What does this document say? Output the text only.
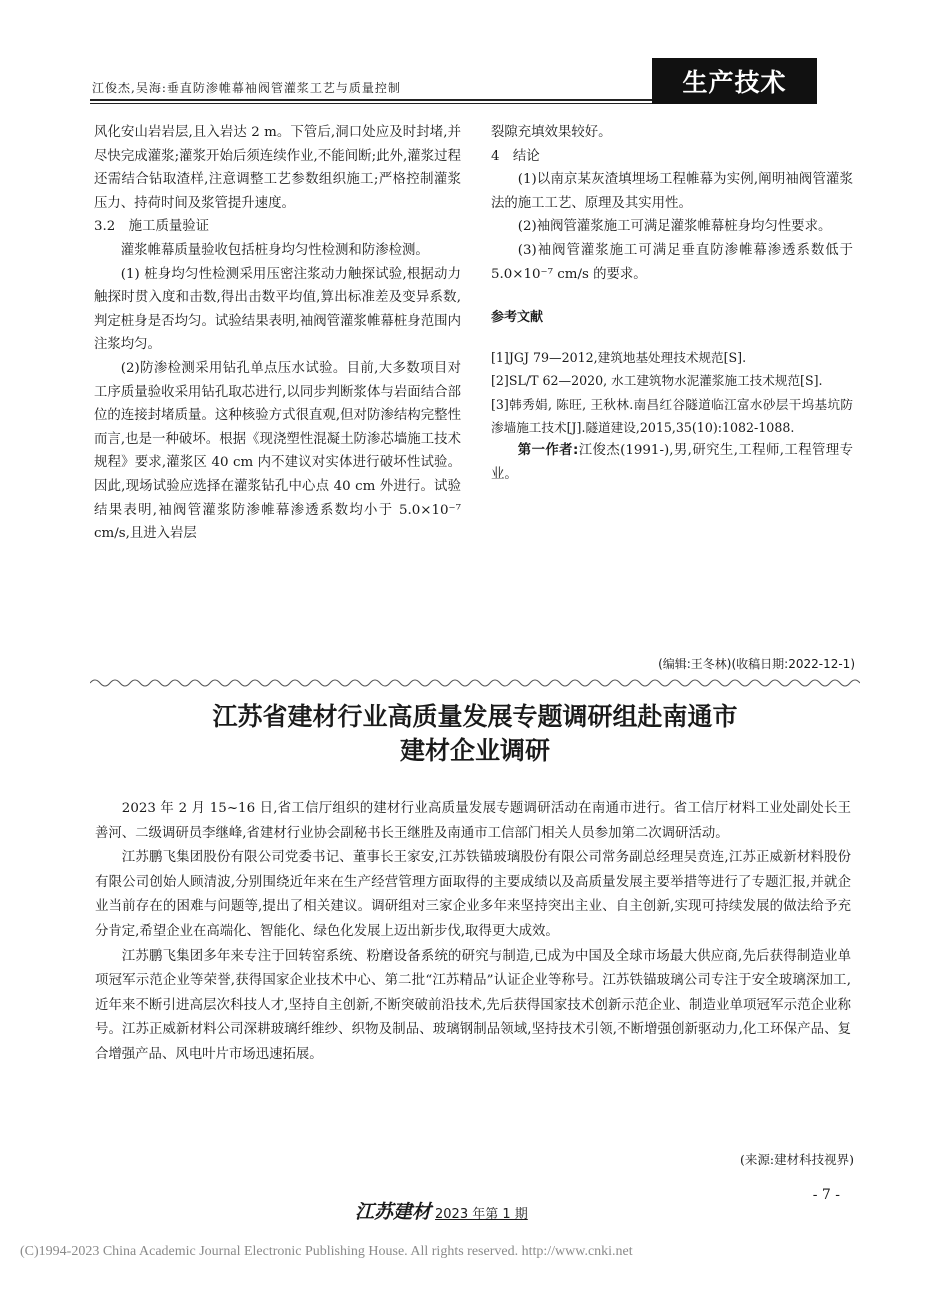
江俊杰,吴海:垂直防渗帷幕袖阀管灌浆工艺与质量控制	生产技术

风化安山岩岩层,且入岩达 2 m。下管后,洞口处应及时封堵,并尽快完成灌浆;灌浆开始后须连续作业,不能间断;此外,灌浆过程还需结合钻取渣样,注意调整工艺参数组织施工;严格控制灌浆压力、持荷时间及浆管提升速度。

3.2　施工质量验证

灌浆帷幕质量验收包括桩身均匀性检测和防渗检测。

(1) 桩身均匀性检测采用压密注浆动力触探试验,根据动力触探时贯入度和击数,得出击数平均值,算出标准差及变异系数,判定桩身是否均匀。试验结果表明,袖阀管灌浆帷幕桩身范围内注浆均匀。

(2)防渗检测采用钻孔单点压水试验。目前,大多数项目对工序质量验收采用钻孔取芯进行,以同步判断浆体与岩面结合部位的连接封堵质量。这种核验方式很直观,但对防渗结构完整性而言,也是一种破坏。根据《现浇塑性混凝土防渗芯墙施工技术规程》要求,灌浆区 40 cm 内不建议对实体进行破坏性试验。因此,现场试验应选择在灌浆钻孔中心点 40 cm 外进行。试验结果表明,袖阀管灌浆防渗帷幕渗透系数均小于 5.0×10⁻⁷ cm/s,且进入岩层

裂隙充填效果较好。

4　结论

(1)以南京某灰渣填埋场工程帷幕为实例,阐明袖阀管灌浆法的施工工艺、原理及其实用性。

(2)袖阀管灌浆施工可满足灌浆帷幕桩身均匀性要求。

(3)袖阀管灌浆施工可满足垂直防渗帷幕渗透系数低于 5.0×10⁻⁷ cm/s 的要求。

参考文献

[1]JGJ 79—2012,建筑地基处理技术规范[S].

[2]SL/T 62—2020, 水工建筑物水泥灌浆施工技术规范[S].

[3]韩秀娟, 陈旺, 王秋林.南昌红谷隧道临江富水砂层干坞基坑防渗墙施工技术[J].隧道建设,2015,35(10):1082-1088.

第一作者:江俊杰(1991-),男,研究生,工程师,工程管理专业。

(编辑:王冬林)(收稿日期:2022-12-1)
江苏省建材行业高质量发展专题调研组赴南通市
建材企业调研

2023 年 2 月 15~16 日,省工信厅组织的建材行业高质量发展专题调研活动在南通市进行。省工信厅材料工业处副处长王善河、二级调研员李继峰,省建材行业协会副秘书长王继胜及南通市工信部门相关人员参加第二次调研活动。

江苏鹏飞集团股份有限公司党委书记、董事长王家安,江苏铁锚玻璃股份有限公司常务副总经理吴贲连,江苏正威新材料股份有限公司创始人顾清波,分别围绕近年来在生产经营管理方面取得的主要成绩以及高质量发展主要举措等进行了专题汇报,并就企业当前存在的困难与问题等,提出了相关建议。调研组对三家企业多年来坚持突出主业、自主创新,实现可持续发展的做法给予充分肯定,希望企业在高端化、智能化、绿色化发展上迈出新步伐,取得更大成效。

江苏鹏飞集团多年来专注于回转窑系统、粉磨设备系统的研究与制造,已成为中国及全球市场最大供应商,先后获得制造业单项冠军示范企业等荣誉,获得国家企业技术中心、第二批“江苏精品”认证企业等称号。江苏铁锚玻璃公司专注于安全玻璃深加工,近年来不断引进高层次科技人才,坚持自主创新,不断突破前沿技术,先后获得国家技术创新示范企业、制造业单项冠军示范企业称号。江苏正威新材料公司深耕玻璃纤维纱、织物及制品、玻璃钢制品领域,坚持技术引领,不断增强创新驱动力,化工环保产品、复合增强产品、风电叶片市场迅速拓展。

(来源:建材科技视界)
- 7 -
江苏建材 2023 年第 1 期
(C)1994-2023 China Academic Journal Electronic Publishing House. All rights reserved. http://www.cnki.net
